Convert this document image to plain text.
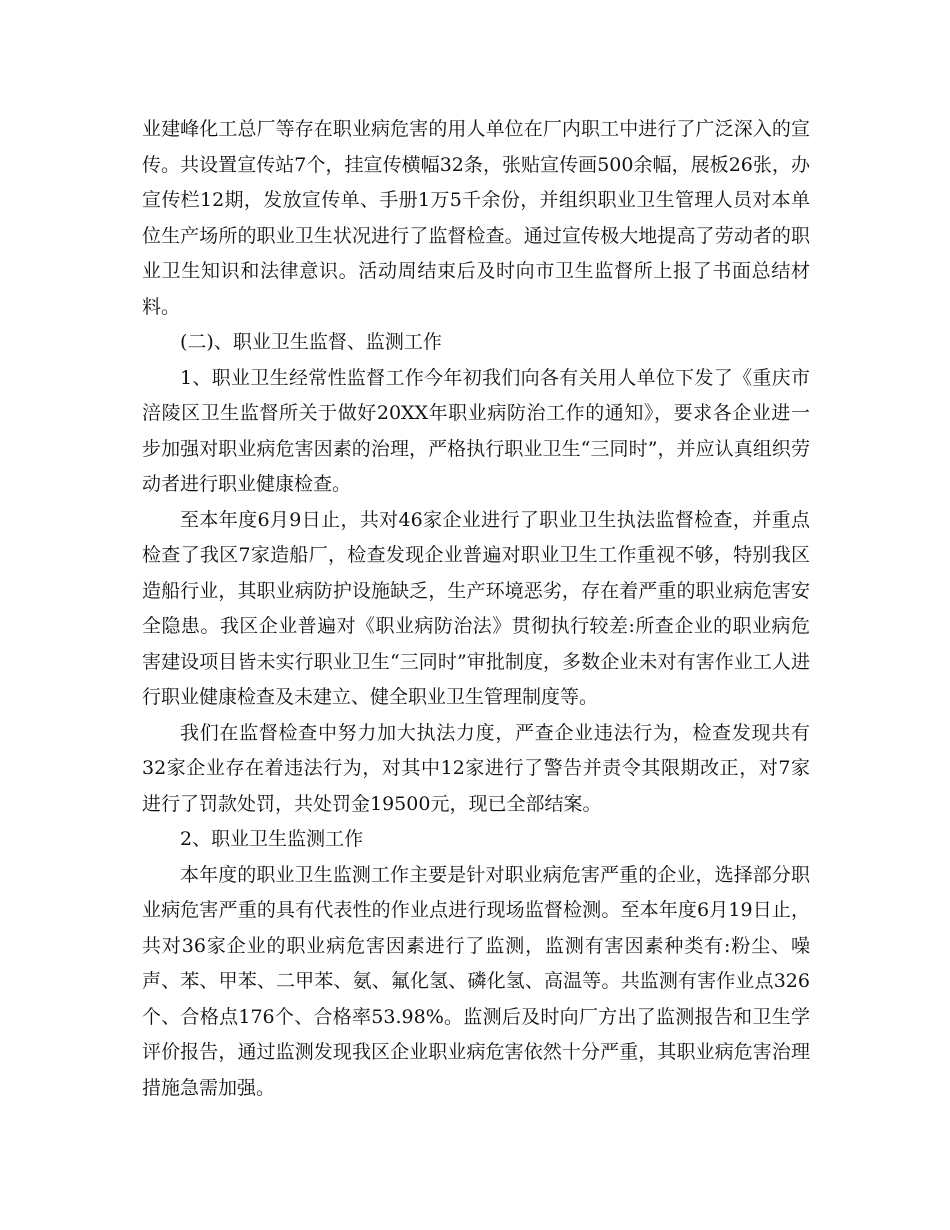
业建峰化工总厂等存在职业病危害的用人单位在厂内职工中进行了广泛深入的宣传。共设置宣传站7个，挂宣传横幅32条，张贴宣传画500余幅，展板26张，办宣传栏12期，发放宣传单、手册1万5千余份，并组织职业卫生管理人员对本单位生产场所的职业卫生状况进行了监督检查。通过宣传极大地提高了劳动者的职业卫生知识和法律意识。活动周结束后及时向市卫生监督所上报了书面总结材料。

(二)、职业卫生监督、监测工作

1、职业卫生经常性监督工作今年初我们向各有关用人单位下发了《重庆市涪陵区卫生监督所关于做好20XX年职业病防治工作的通知》，要求各企业进一步加强对职业病危害因素的治理，严格执行职业卫生“三同时”，并应认真组织劳动者进行职业健康检查。

至本年度6月9日止，共对46家企业进行了职业卫生执法监督检查，并重点检查了我区7家造船厂，检查发现企业普遍对职业卫生工作重视不够，特别我区造船行业，其职业病防护设施缺乏，生产环境恶劣，存在着严重的职业病危害安全隐患。我区企业普遍对《职业病防治法》贯彻执行较差:所查企业的职业病危害建设项目皆未实行职业卫生“三同时”审批制度，多数企业未对有害作业工人进行职业健康检查及未建立、健全职业卫生管理制度等。

我们在监督检查中努力加大执法力度，严查企业违法行为，检查发现共有32家企业存在着违法行为，对其中12家进行了警告并责令其限期改正，对7家进行了罚款处罚，共处罚金19500元，现已全部结案。

2、职业卫生监测工作

本年度的职业卫生监测工作主要是针对职业病危害严重的企业，选择部分职业病危害严重的具有代表性的作业点进行现场监督检测。至本年度6月19日止，共对36家企业的职业病危害因素进行了监测，监测有害因素种类有:粉尘、噪声、苯、甲苯、二甲苯、氨、氟化氢、磷化氢、高温等。共监测有害作业点326个、合格点176个、合格率53.98%。监测后及时向厂方出了监测报告和卫生学评价报告，通过监测发现我区企业职业病危害依然十分严重，其职业病危害治理措施急需加强。
